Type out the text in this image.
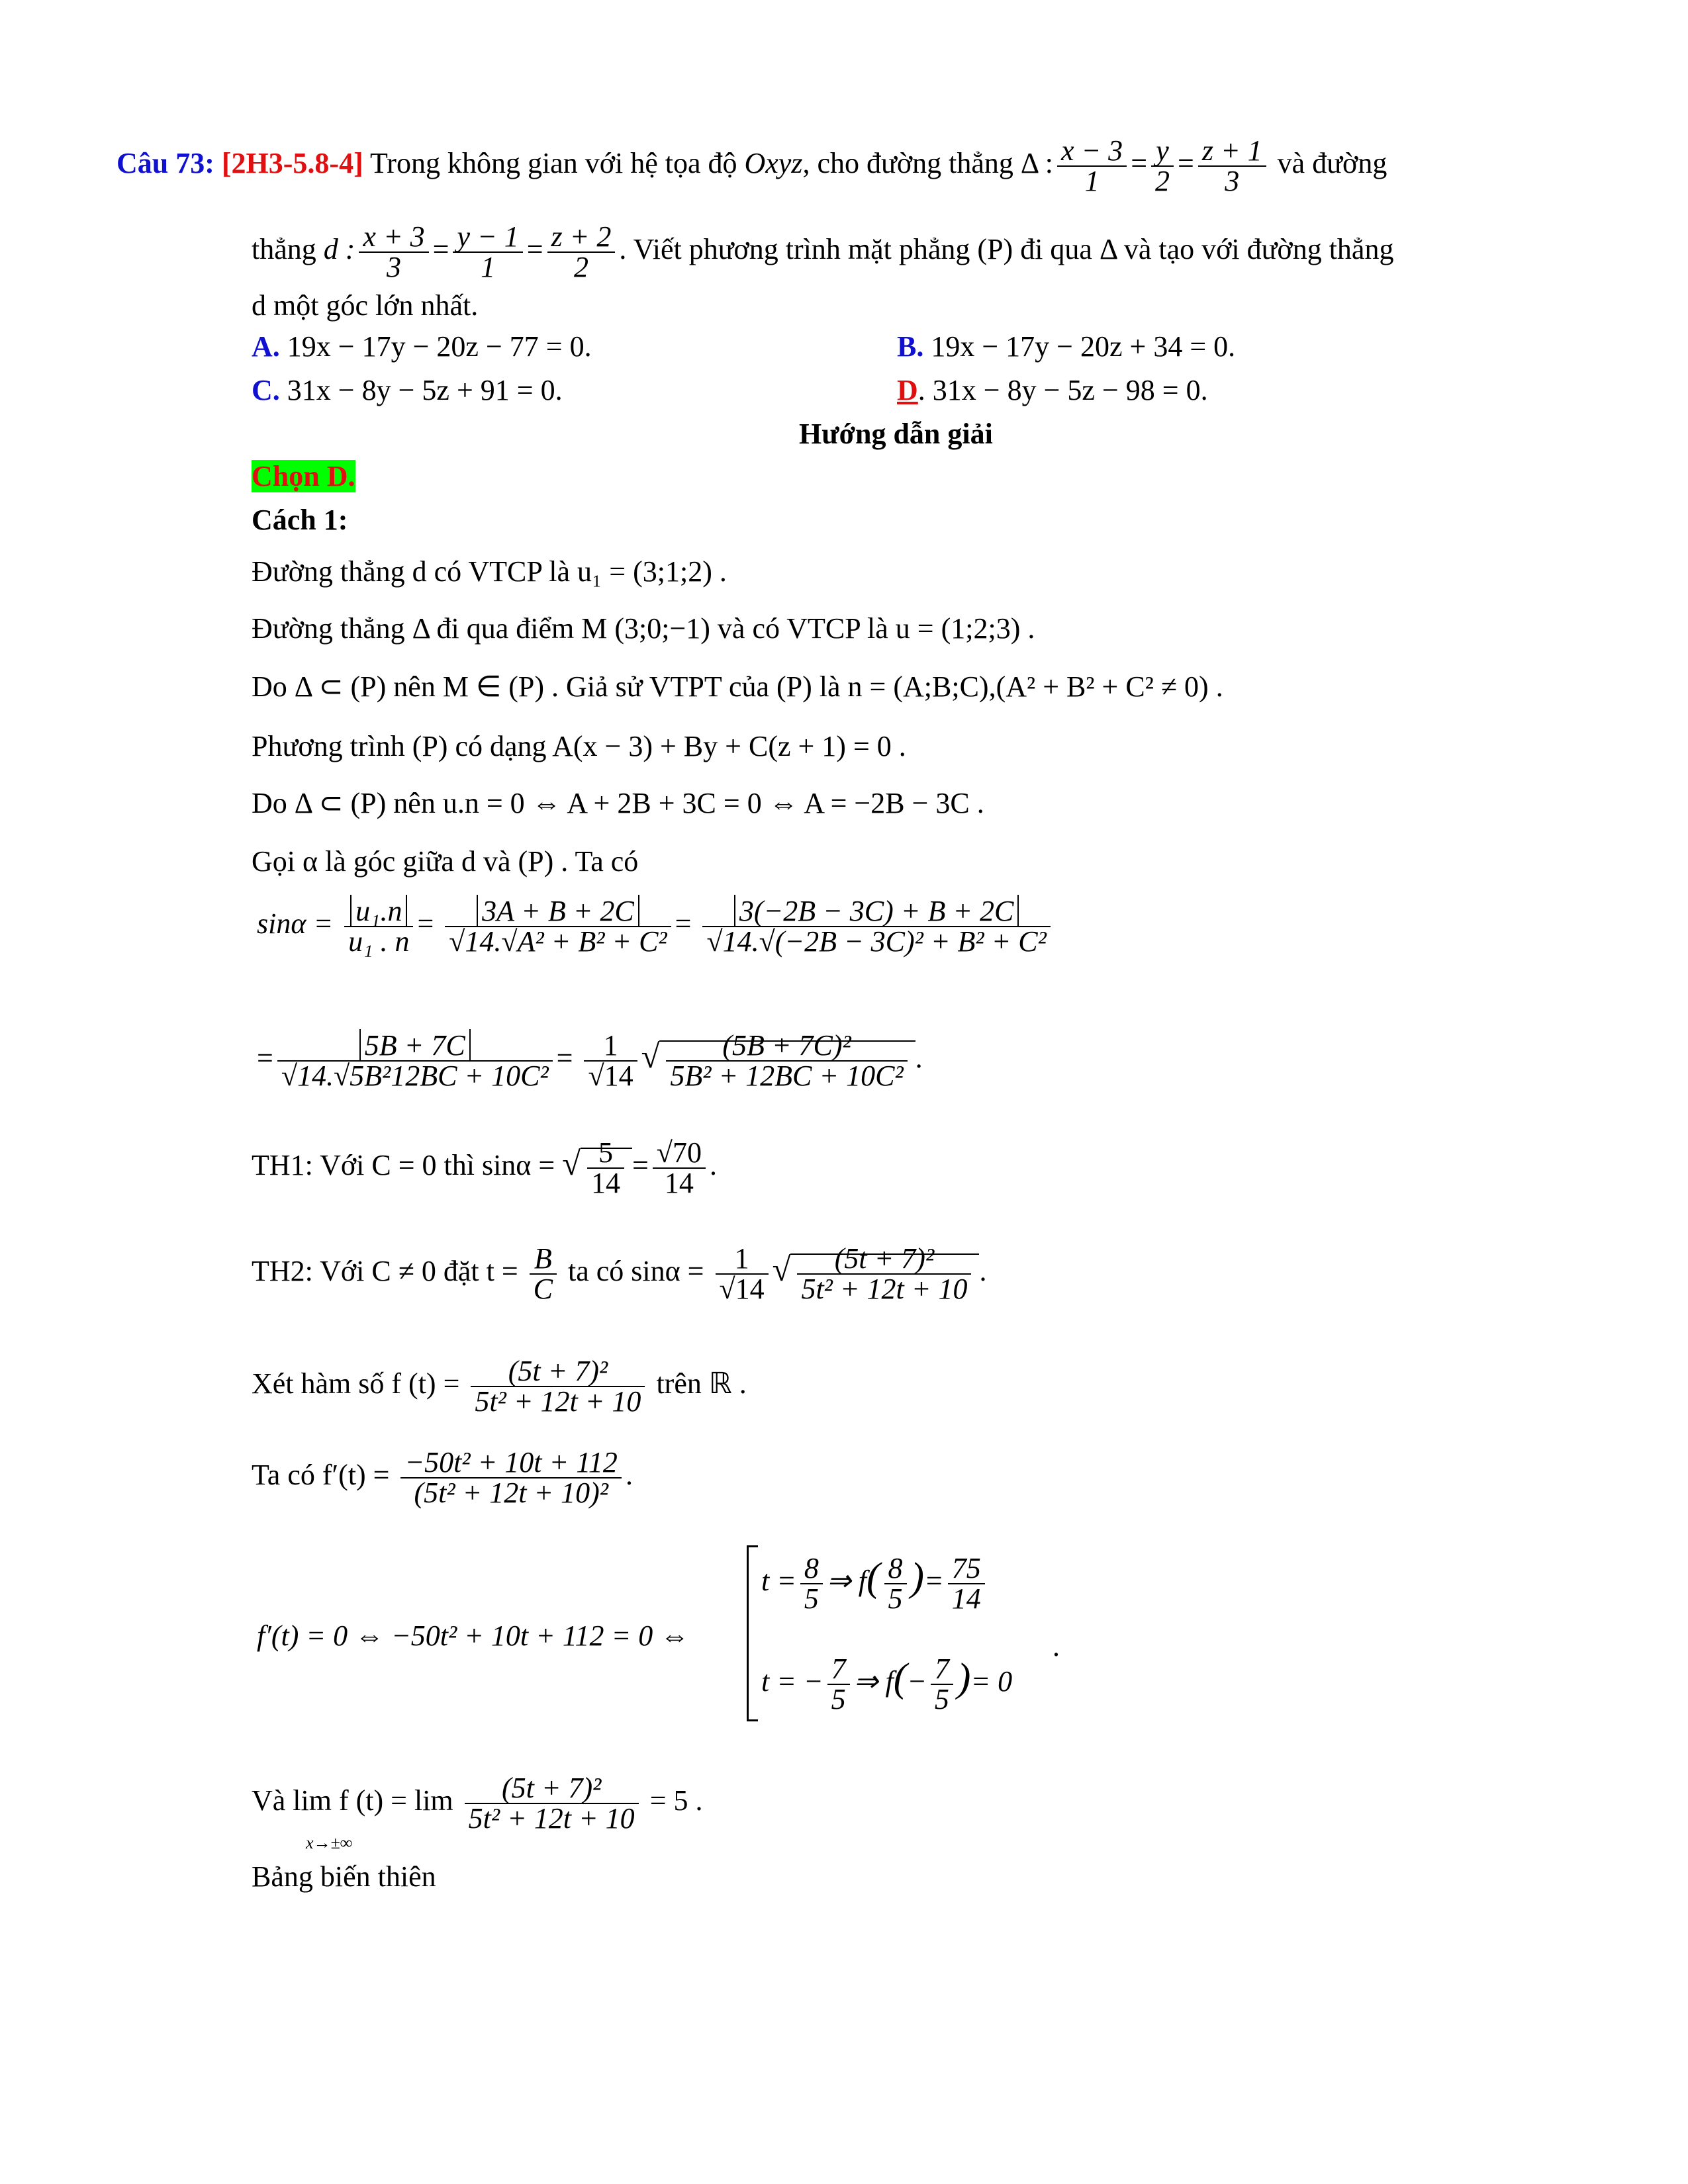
Câu 73: [2H3-5.8-4] Trong không gian với hệ tọa độ Oxyz, cho đường thẳng Δ : $\frac{x - 3}{1} = \frac{y}{2} = \frac{z + 1}{3}$ và đường
thẳng d : $\frac{x + 3}{3} = \frac{y - 1}{1} = \frac{z + 2}{2}$ . Viết phương trình mặt phẳng (P) đi qua Δ và tạo với đường thẳng
d một góc lớn nhất.
A. 19x − 17y − 20z − 77 = 0.	B. 19x − 17y − 20z + 34 = 0.
C. 31x − 8y − 5z + 91 = 0.	D. 31x − 8y − 5z − 98 = 0.
Hướng dẫn giải
Chọn D.
Cách 1:
Đường thẳng d có VTCP là u₁ = (3;1;2) .
Đường thẳng Δ đi qua điểm M (3;0;−1) và có VTCP là u = (1;2;3) .
Do Δ ⊂ (P) nên M ∈ (P) . Giả sử VTPT của (P) là n = (A;B;C),(A² + B² + C² ≠ 0) .
Phương trình (P) có dạng A(x − 3) + By + C(z + 1) = 0 .
Do Δ ⊂ (P) nên u.n = 0 ⇔ A + 2B + 3C = 0 ⇔ A = −2B − 3C .
Gọi α là góc giữa d và (P) . Ta có
$\sin\alpha = \frac{\text{u₁.n}}{\text{u₁ . n}} = \frac{3A + B + 2C}{\text{√14.√A² + B² + C²}} = \frac{3(-2B - 3C) + B + 2C}{\text{√14.√(−2B − 3C)² + B² + C²}}$
= $\frac{5B + 7C}{\text{√14.√5B²12BC + 10C²}} = \frac{1}{√14}$ √ $\frac{\text{(5B + 7C)²}}{\text{5B² + 12BC + 10C²}}$ .
TH1: Với C = 0 thì sinα = √ $\frac{5}{14} = \frac{√70}{14}$ .
TH2: Với C ≠ 0 đặt $t = \frac{B}{C}$ ta có $\sin\alpha = \frac{1}{√14}$ √ $\frac{\text{(5t + 7)²}}{\text{5t² + 12t + 10}}$ .
Xét hàm số f $(t) = \frac{\text{(5t + 7)²}}{\text{5t² + 12t + 10}}$ trên ℝ .
Ta có $f'(t) = \frac{\text{−50t² + 10t + 112}}{\text{(5t² + 12t + 10)²}}$ .
f′(t) = 0 ⇔ −50t² + 10t + 112 = 0 ⇔
$t = \frac{8}{5}$ ⇒ $f( \frac{8}{5}$ )= $\frac{75}{14}$
t = − $\frac{7}{5}$ ⇒ $f(- \frac{7}{5}$ )= 0
.
Và lim f $(t) = \lim \frac{\text{(5t + 7)²}}{\text{5t² + 12t + 10}} = 5$ .
x→±∞
Bảng biến thiên
